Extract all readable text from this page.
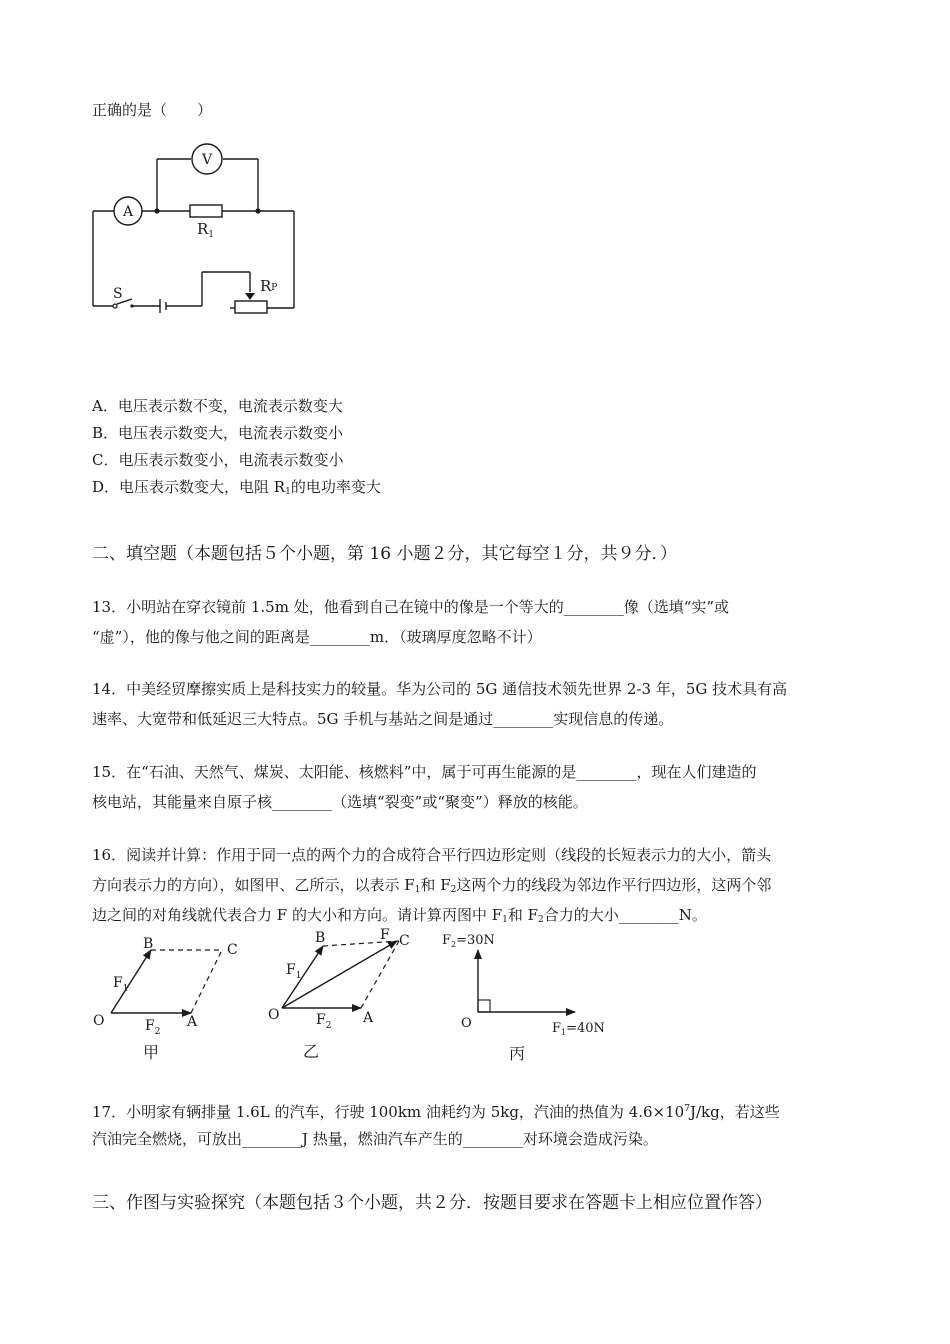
正确的是（　　）
V
A
$R_1$
RP
S
A．电压表示数不变，电流表示数变大
B．电压表示数变大，电流表示数变小
C．电压表示数变小，电流表示数变小
D．电压表示数变大，电阻 $R_1$的电功率变大
二、填空题（本题包括５个小题，第 16 小题２分，其它每空１分，共９分．）
13．小明站在穿衣镜前 1.5m 处，他看到自己在镜中的像是一个等大的________像（选填“实”或
“虚”），他的像与他之间的距离是________m．（玻璃厚度忽略不计）
14．中美经贸摩擦实质上是科技实力的较量。华为公司的 5G 通信技术领先世界 2-3 年，5G 技术具有高
速率、大宽带和低延迟三大特点。5G 手机与基站之间是通过________实现信息的传递。
15．在“石油、天然气、煤炭、太阳能、核燃料”中，属于可再生能源的是________，现在人们建造的
核电站，其能量来自原子核________（选填“裂变”或“聚变”）释放的核能。
16．阅读并计算：作用于同一点的两个力的合成符合平行四边形定则（线段的长短表示力的大小，箭头
方向表示力的方向），如图甲、乙所示，以表示 $F_1$和 $F_2$这两个力的线段为邻边作平行四边形，这两个邻
边之间的对角线就代表合力 F 的大小和方向。请计算丙图中 $F_1$和 $F_2$合力的大小________N。
O	A
B	C
$F_1$
$F_2$
甲
O	A
B	F C
$F_1$
$F_2$
乙
$F_2=30N$
O	$F_1=40N$
丙
17．小明家有辆排量 1.6L 的汽车，行驶 100km 油耗约为 5kg，汽油的热值为 $4.6\times 10^7J/kg$，若这些
汽油完全燃烧，可放出________J 热量，燃油汽车产生的________对环境会造成污染。
三、作图与实验探究（本题包括３个小题，共２分．按题目要求在答题卡上相应位置作答）
